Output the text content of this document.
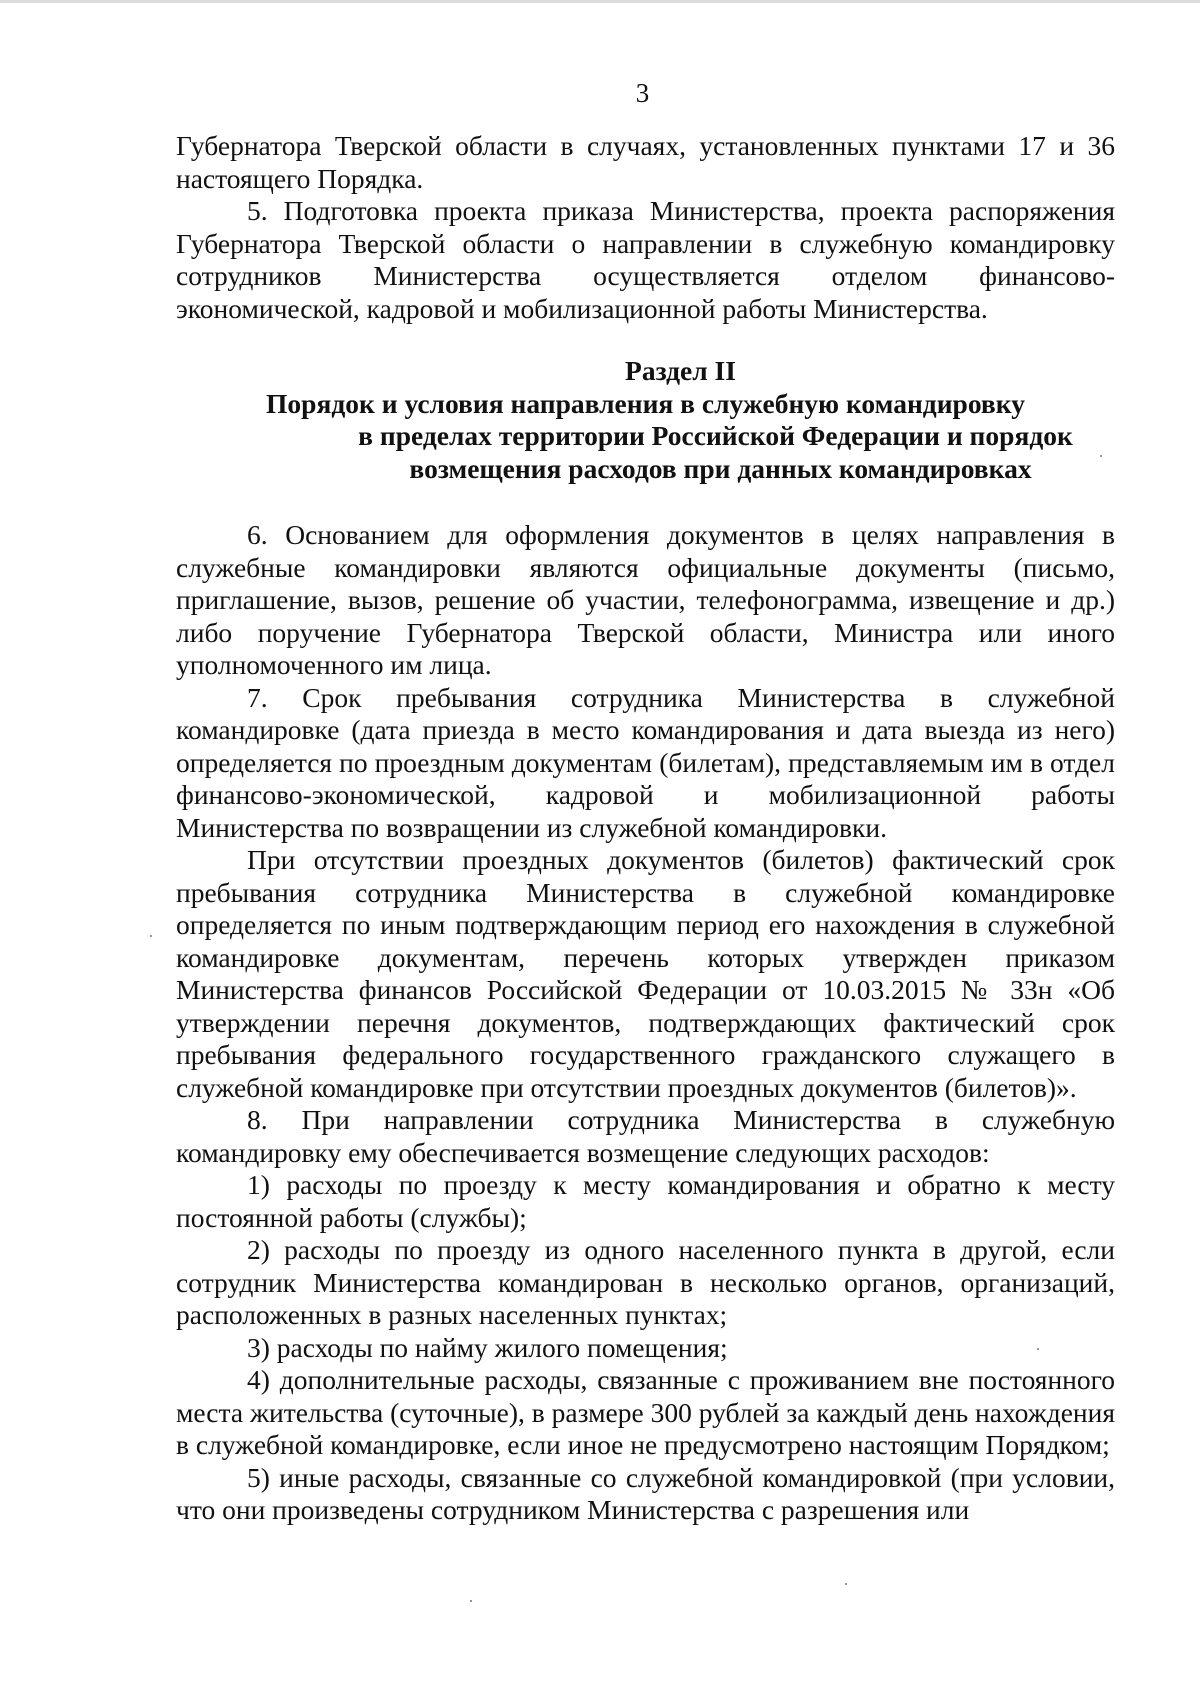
3

Губернатора Тверской области в случаях, установленных пунктами 17 и 36 настоящего Порядка.

5. Подготовка проекта приказа Министерства, проекта распоряжения Губернатора Тверской области о направлении в служебную командировку сотрудников Министерства осуществляется отделом финансово-экономической, кадровой и мобилизационной работы Министерства.

Раздел II
Порядок и условия направления в служебную командировку
в пределах территории Российской Федерации и порядок
возмещения расходов при данных командировках

6. Основанием для оформления документов в целях направления в служебные командировки являются официальные документы (письмо, приглашение, вызов, решение об участии, телефонограмма, извещение и др.) либо поручение Губернатора Тверской области, Министра или иного уполномоченного им лица.

7. Срок пребывания сотрудника Министерства в служебной командировке (дата приезда в место командирования и дата выезда из него) определяется по проездным документам (билетам), представляемым им в отдел финансово-экономической, кадровой и мобилизационной работы Министерства по возвращении из служебной командировки.

При отсутствии проездных документов (билетов) фактический срок пребывания сотрудника Министерства в служебной командировке определяется по иным подтверждающим период его нахождения в служебной командировке документам, перечень которых утвержден приказом Министерства финансов Российской Федерации от 10.03.2015 № 33н «Об утверждении перечня документов, подтверждающих фактический срок пребывания федерального государственного гражданского служащего в служебной командировке при отсутствии проездных документов (билетов)».

8. При направлении сотрудника Министерства в служебную командировку ему обеспечивается возмещение следующих расходов:

1) расходы по проезду к месту командирования и обратно к месту постоянной работы (службы);

2) расходы по проезду из одного населенного пункта в другой, если сотрудник Министерства командирован в несколько органов, организаций, расположенных в разных населенных пунктах;

3) расходы по найму жилого помещения;

4) дополнительные расходы, связанные с проживанием вне постоянного места жительства (суточные), в размере 300 рублей за каждый день нахождения в служебной командировке, если иное не предусмотрено настоящим Порядком;

5) иные расходы, связанные со служебной командировкой (при условии, что они произведены сотрудником Министерства с разрешения или
